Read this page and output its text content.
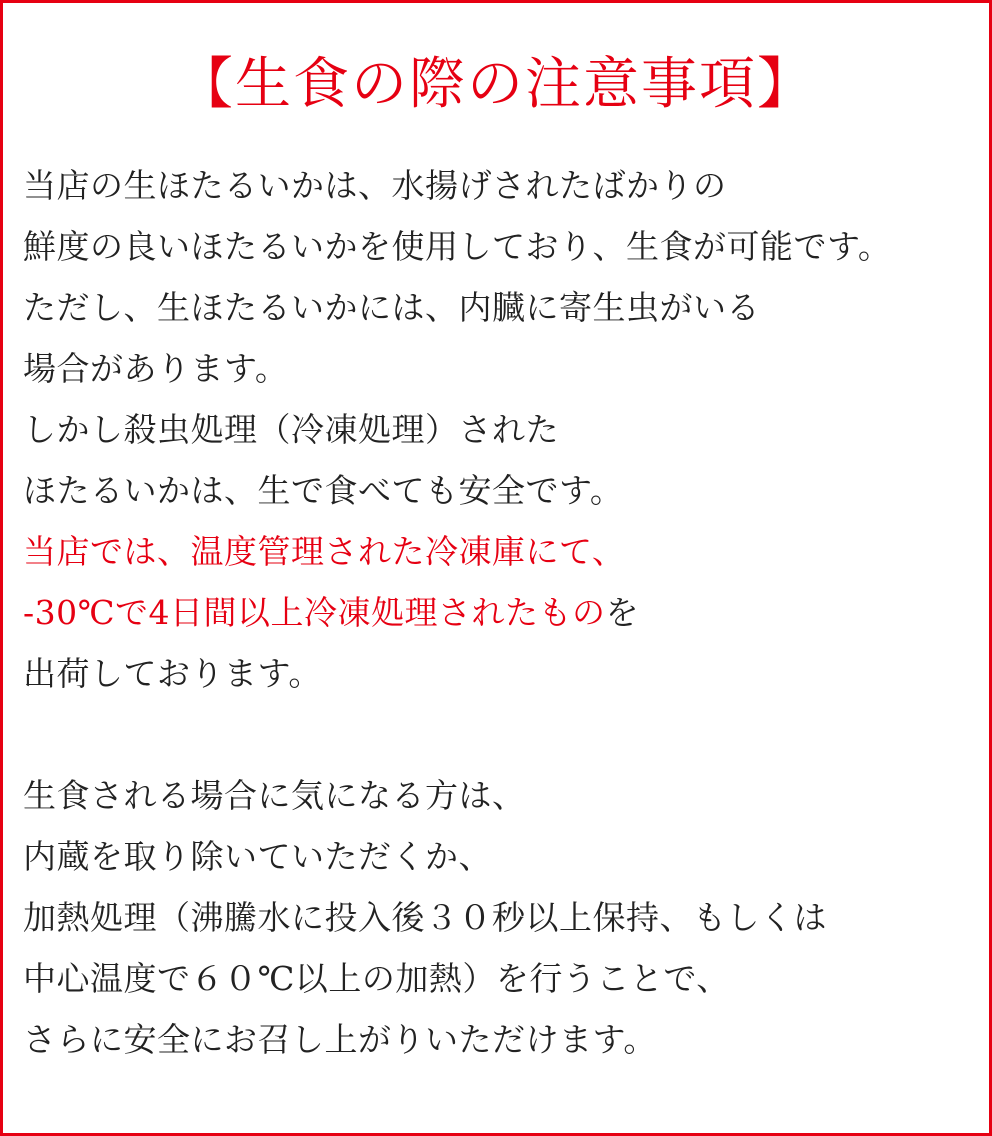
【生食の際の注意事項】
当店の生ほたるいかは、水揚げされたばかりの
鮮度の良いほたるいかを使用しており、生食が可能です。
ただし、生ほたるいかには、内臓に寄生虫がいる
場合があります。
しかし殺虫処理（冷凍処理）された
ほたるいかは、生で食べても安全です。
当店では、温度管理された冷凍庫にて、
-30℃で4日間以上冷凍処理されたものを
出荷しております。
生食される場合に気になる方は、
内蔵を取り除いていただくか、
加熱処理（沸騰水に投入後３０秒以上保持、もしくは
中心温度で６０℃以上の加熱）を行うことで、
さらに安全にお召し上がりいただけます。
